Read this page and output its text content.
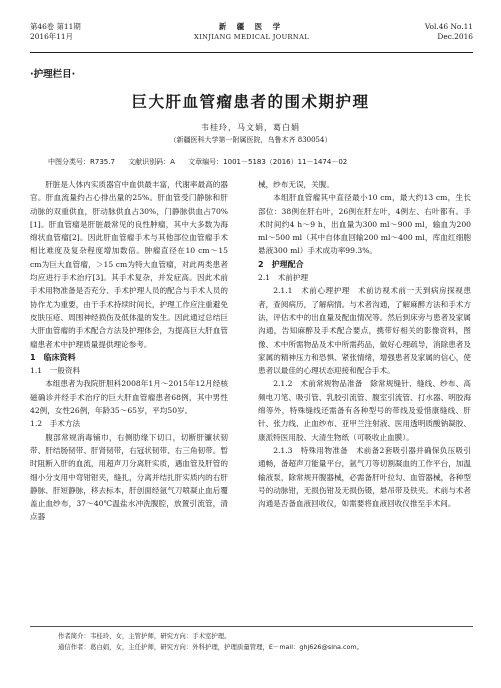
第46卷 第11期
2016年11月
新 疆 医 学
XINJIANG MEDICAL JOURNAL
Vol.46 No.11
Dec.2016
·护理栏目·
巨大肝血管瘤患者的围术期护理
韦桂玲，马文娟，葛白娟
（新疆医科大学第一附属医院，乌鲁木齐 830054）
中图分类号：R735.7 文献识别码：A 文章编号：1001－5183（2016）11－1474－02

肝脏是人体内实质器官中血供最丰富，代谢率最高的器官。肝血流量约占心排出量的25%。肝血管受门静脉和肝动脉的双重供血，肝动脉供血占30%，门静脉供血占70%[1]。肝血管瘤是肝脏最常见的良性肿瘤，其中大多数为海绵状血管瘤[2]。因此肝血管瘤手术与其他部位血管瘤手术相比难度及复杂程度增加数倍。肿瘤直径在10 cm～15 cm为巨大血管瘤，＞15 cm为特大血管瘤，对此两类患者均应进行手术治疗[3]。其手术复杂，并发症高。因此术前手术用物准备是否充分、手术护理人员的配合与手术人员的协作尤为重要，由于手术持续时间长，护理工作应注重避免皮肤压疮、周围神经损伤及低体温的发生。因此通过总结巨大肝血管瘤的手术配合方法及护理体会，为提高巨大肝血管瘤患者术中护理质量提供理论参考。

1　临床资料
1.1　一般资料

本组患者为我院肝胆科2008年1月～2015年12月经核磁确诊并经手术治疗的巨大肝血管瘤患者68例，其中男性42例，女性26例，年龄35～65岁，平均50岁。

1.2　手术方法

腹部常规消毒铺巾，右侧肋缘下切口，切断肝镰状韧带、肝结肠韧带、肝肾韧带，右冠状韧带、右三角韧带。暂时阻断入肝的血流，用超声刀分离肝实质，遇血管及肝管的细小分支用中弯钳钳夹，缝扎，分离并结扎肝实质内的右肝静脉、肝短静脉，移去标本，肝创面经氩气刀喷凝止血后覆盖止血纱布，37～40℃温盐水冲洗腹腔，放置引流管，清点器

械，纱布无误，关腹。

本组肝血管瘤其中直径最小10 cm，最大约13 cm，生长部位：38例在肝右叶，26例在肝左叶，4例左、右叶都有。手术时间约4 h～9 h，出血量为300 ml～900 ml，输血为200 ml～500 ml（其中自体血回输200 ml～400 ml，库血红细胞悬液300 ml）手术成功率99.3%。

2　护理配合
2.1　术前护理

2.1.1　术前心理护理　术前访视术前一天到病房探视患者，查阅病历，了解病情。与术者沟通，了解麻醉方法和手术方法，评估术中的出血量及配血情况等。然后到床旁与患者及家属沟通，告知麻醉及手术配合要点，携带好相关的影像资料，图像、术中所需物品及术中所需药品，做好心理疏导，消除患者及家属的精神压力和恐惧、紧张情绪，增强患者及家属的信心，使患者以最佳的心理状态迎接和配合手术。

2.1.2　术前常规物品准备　除常规缝针、缝线、纱布、高频电刀笔、吸引管、乳胶引流管、腹室引流管、打水器、明胶海绵等外，特殊缝线还需备有各种型号的带线及爱惜康缝线、肝针、张力线、止血纱布、亚甲兰注射液、医用透明质酸钠凝胶、康派特医用胶、大清生物纸（可吸收止血膜）。

2.1.3　特殊用物准备　术前备2套吸引器并确保负压吸引通畅，备超声刀能量平台，氩气刀等切割凝血的工作平台，加温输液泵，除常规开腹器械，必需备肝叶拉勾、血管器械，各种型号的动脉钳，无损伤钳及无损伤镊，悬吊带及铁夹。术前与术者沟通是否备血液回收仪，如需要将血液回收仪推至手术间。

作者简介：韦桂玲，女，主管护师，研究方向：手术室护理。
通信作者：葛白娟，女，主任护师，研究方向：外科护理，护理质量管理，E－mail：ghj626@sina.com。
